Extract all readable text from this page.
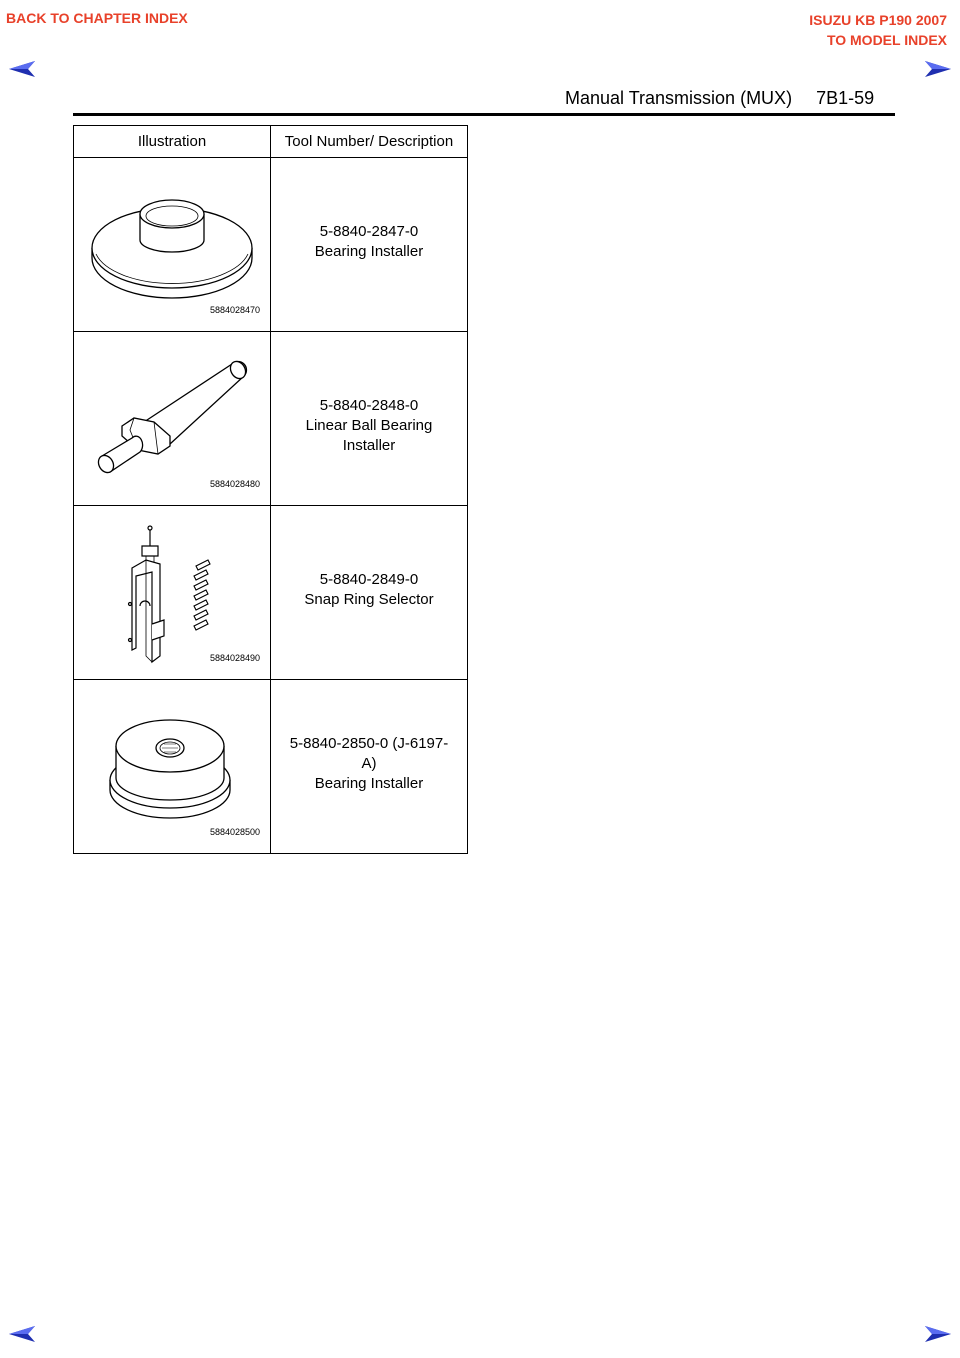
BACK TO CHAPTER INDEX	ISUZU KB P190 2007
TO MODEL INDEX
Manual Transmission (MUX) 7B1-59
Illustration	Tool Number/ Description

5884028470	5-8840-2847-0
Bearing Installer

5884028480	5-8840-2848-0
Linear Ball Bearing
Installer

5884028490	5-8840-2849-0
Snap Ring Selector

5884028500	5-8840-2850-0 (J-6197-
A)
Bearing Installer
